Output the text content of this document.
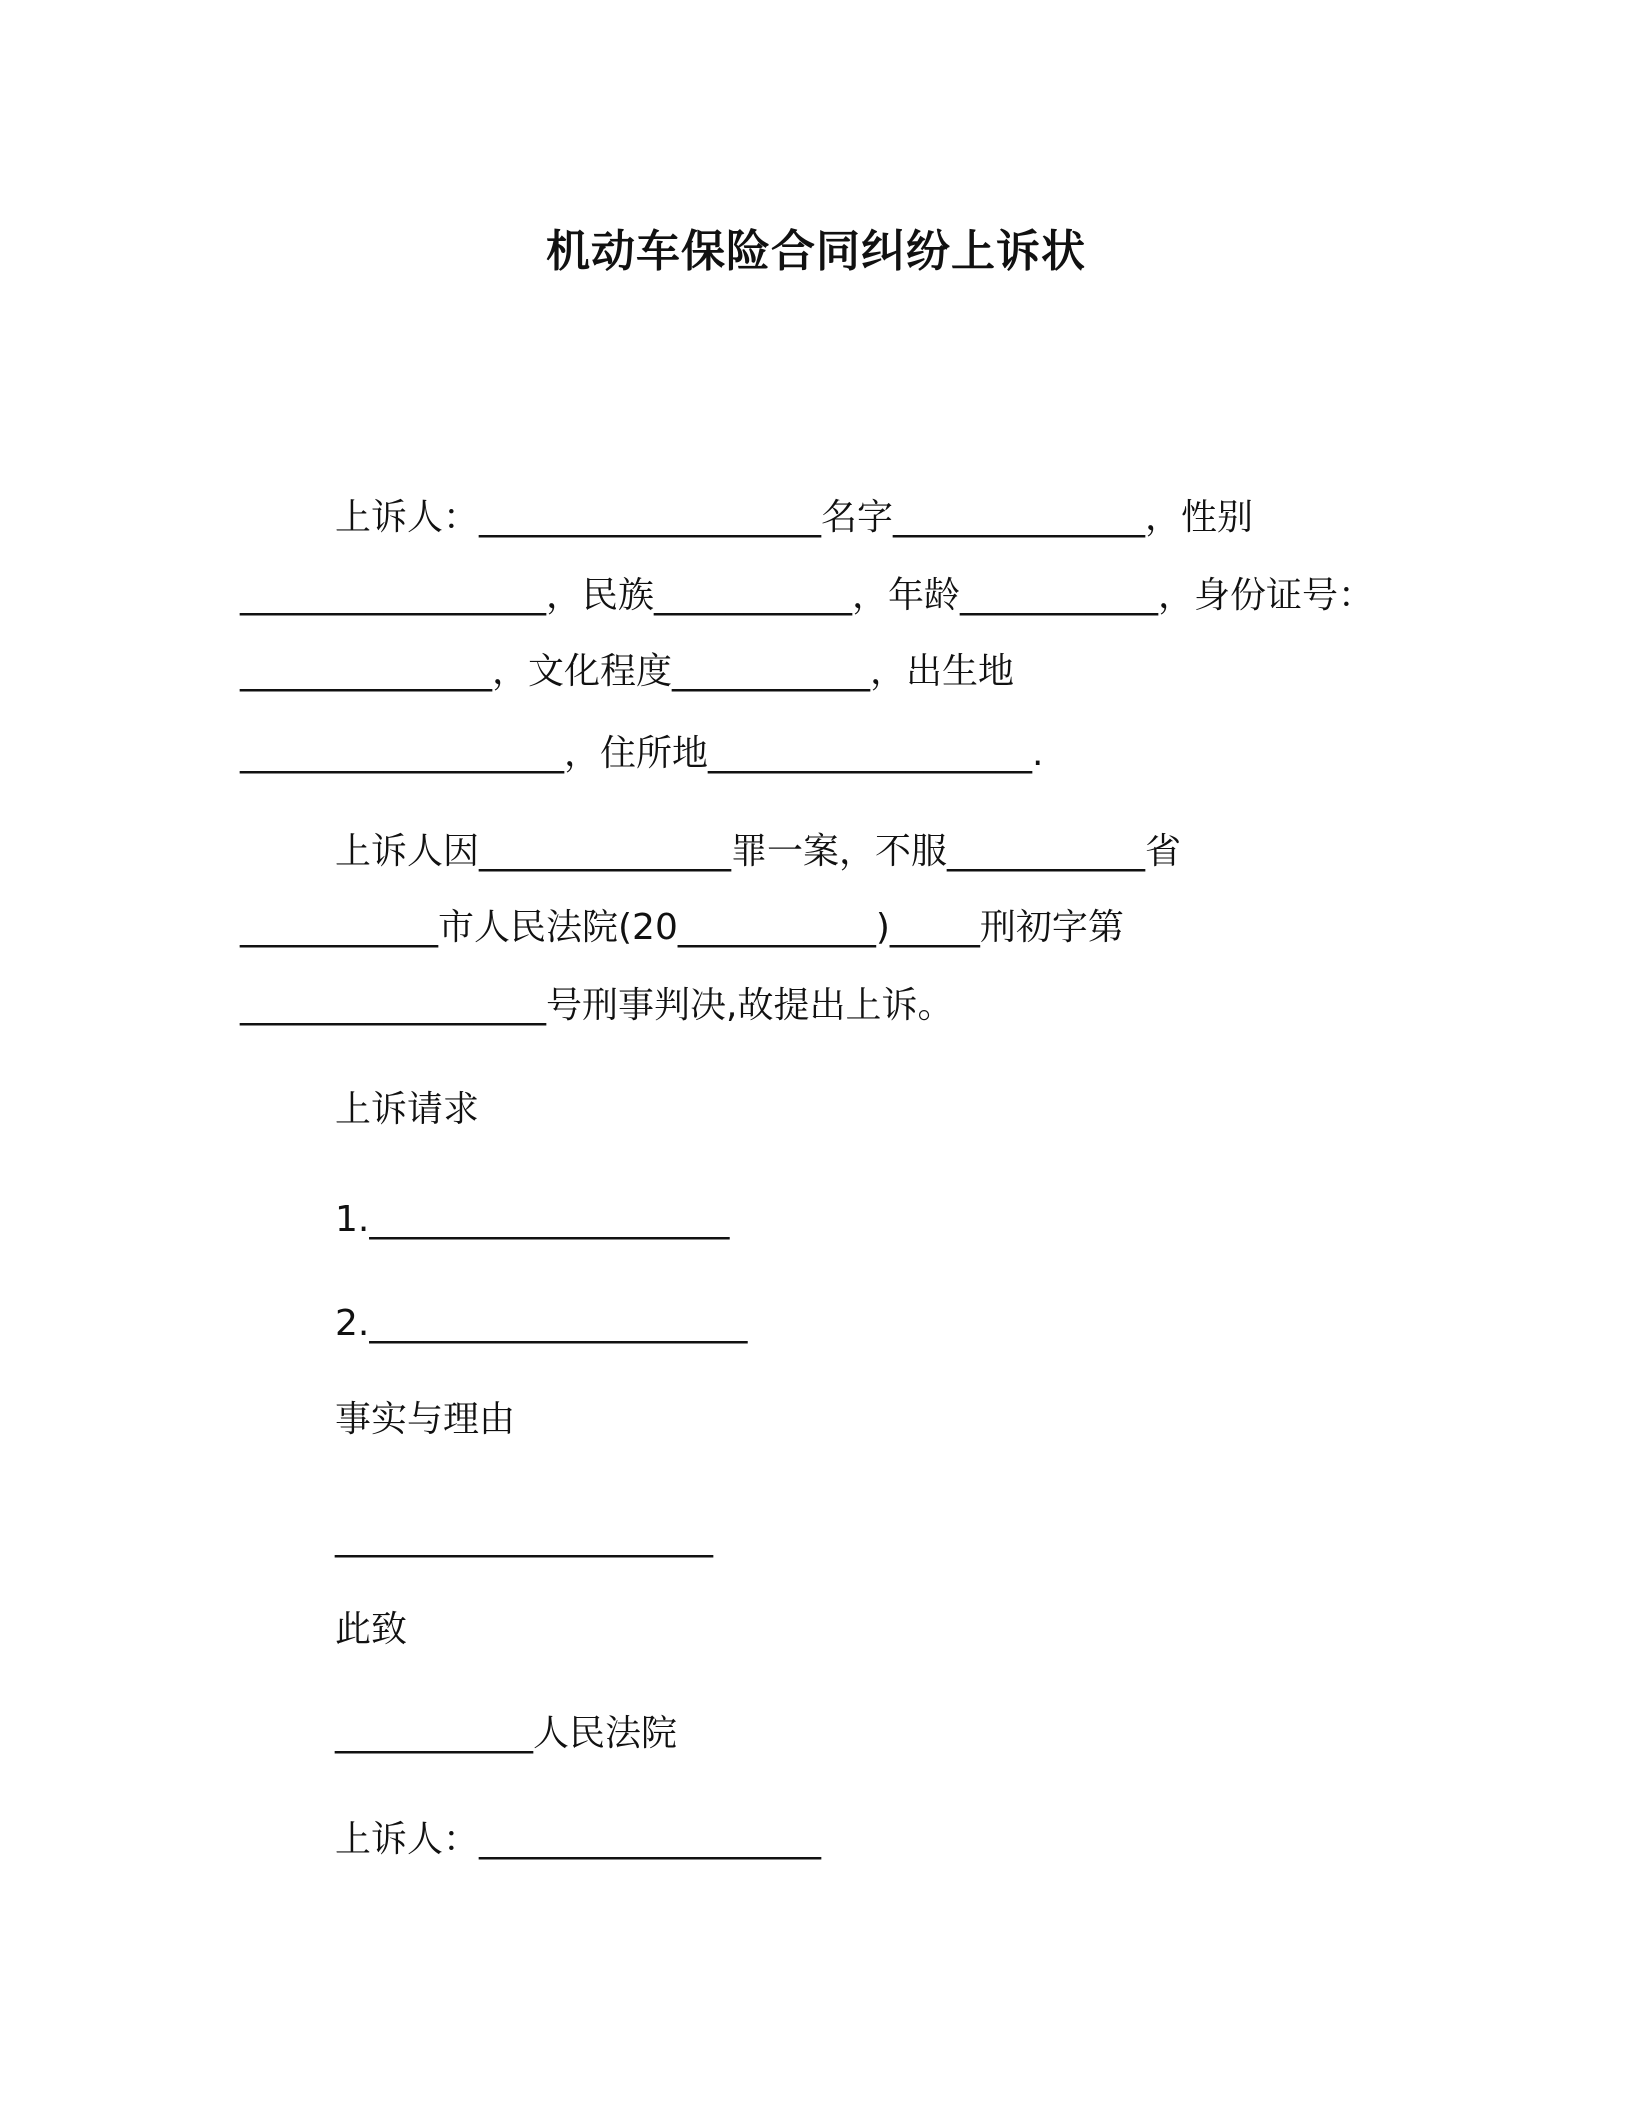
机动车保险合同纠纷上诉状
上诉人：___________________名字______________，性别
_________________，民族___________，年龄___________，身份证号：
______________，文化程度___________，出生地
__________________，住所地__________________.
上诉人因______________罪一案，不服___________省
___________市人民法院(20___________)_____刑初字第
_________________号刑事判决,故提出上诉。
上诉请求
1.____________________
2._____________________
事实与理由
_____________________
此致
___________人民法院
上诉人：___________________
